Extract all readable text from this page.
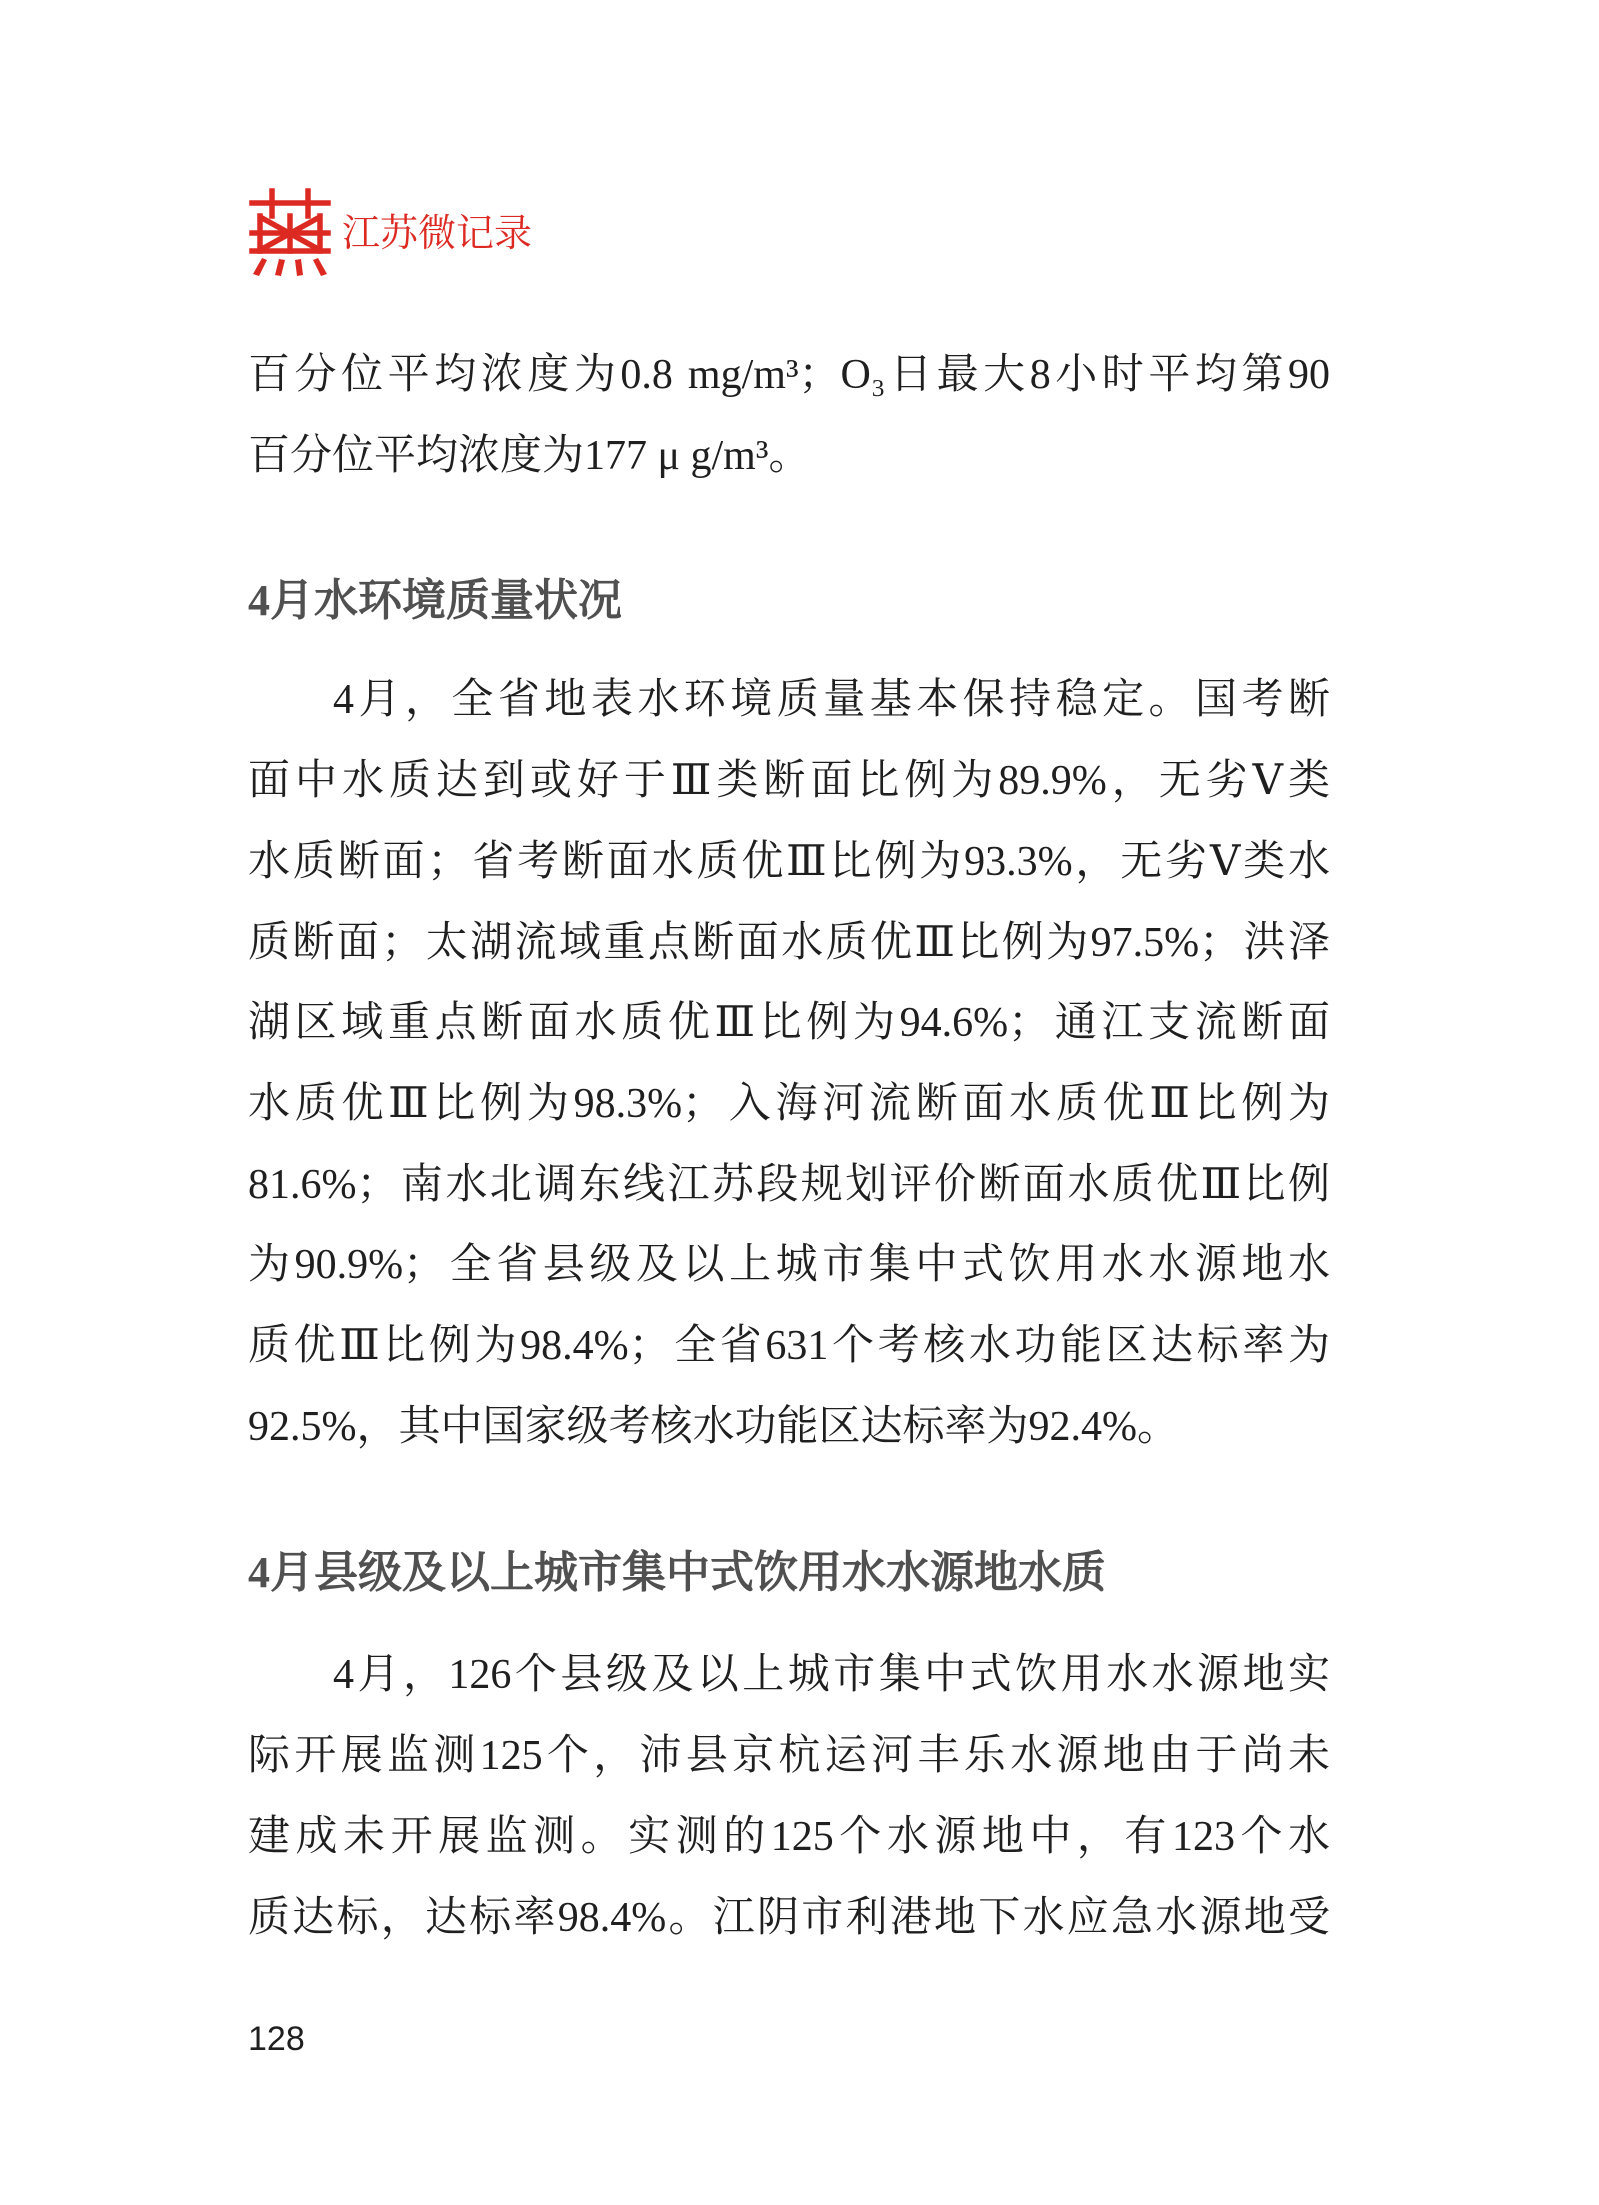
江苏微记录
百分位平均浓度为0.8 mg/m³；O₃日最大8小时平均第90
百分位平均浓度为177 μ g/m³。
4月水环境质量状况
4月，全省地表水环境质量基本保持稳定。国考断
面中水质达到或好于Ⅲ类断面比例为89.9%，无劣Ⅴ类
水质断面；省考断面水质优Ⅲ比例为93.3%，无劣Ⅴ类水
质断面；太湖流域重点断面水质优Ⅲ比例为97.5%；洪泽
湖区域重点断面水质优Ⅲ比例为94.6%；通江支流断面
水质优Ⅲ比例为98.3%；入海河流断面水质优Ⅲ比例为
81.6%；南水北调东线江苏段规划评价断面水质优Ⅲ比例
为90.9%；全省县级及以上城市集中式饮用水水源地水
质优Ⅲ比例为98.4%；全省631个考核水功能区达标率为
92.5%，其中国家级考核水功能区达标率为92.4%。
4月县级及以上城市集中式饮用水水源地水质
4月，126个县级及以上城市集中式饮用水水源地实
际开展监测125个，沛县京杭运河丰乐水源地由于尚未
建成未开展监测。实测的125个水源地中，有123个水
质达标，达标率98.4%。江阴市利港地下水应急水源地受
128
